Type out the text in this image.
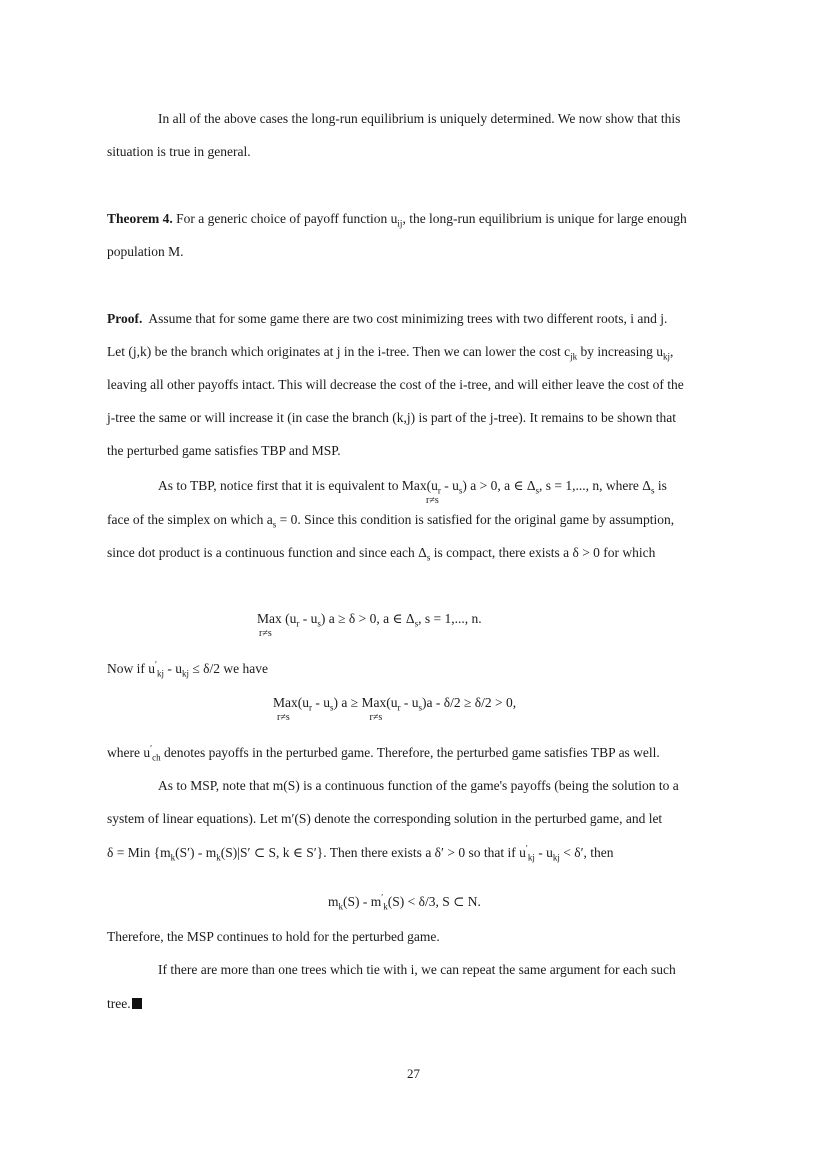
In all of the above cases the long-run equilibrium is uniquely determined. We now show that this
situation is true in general.
Theorem 4. For a generic choice of payoff function $u_{ij}$, the long-run equilibrium is unique for large enough
population M.
Proof. Assume that for some game there are two cost minimizing trees with two different roots, i and j.
Let (j,k) be the branch which originates at j in the i-tree. Then we can lower the cost $c_{jk}$ by increasing $u_{kj}$,
leaving all other payoffs intact. This will decrease the cost of the i-tree, and will either leave the cost of the
j-tree the same or will increase it (in case the branch (k,j) is part of the j-tree). It remains to be shown that
the perturbed game satisfies TBP and MSP.
As to TBP, notice first that it is equivalent to $Max(u_r - u_s$
r≠s
) a > 0, a ∈ $\Delta_s$, s = 1,..., n, where $\Delta_s$ is
face of the simplex on which $a_s = 0$. Since this condition is satisfied for the original game by assumption,
since dot product is a continuous function and since each $\Delta_s$ is compact, there exists a δ > 0 for which
Max (u
r≠s
$_r - u_s$) a ≥ δ > 0, a ∈ $\Delta_s$, s = 1,..., n.
Now if $u'_{kj} - u_{kj} \le \delta/2$ we have
Max(u
r≠s
$_r - u_s$) a ≥ Max(u
r≠s
$_r - u_s)a - \delta/2 \ge \delta/2 > 0$,
where $u'_{ch}$ denotes payoffs in the perturbed game. Therefore, the perturbed game satisfies TBP as well.
As to MSP, note that m(S) is a continuous function of the game's payoffs (being the solution to a
system of linear equations). Let m′(S) denote the corresponding solution in the perturbed game, and let
δ = Min {$m_k(S') - m_k(S)|S'$ ⊂ S, k ∈ S′}. Then there exists a δ′ > 0 so that if $u'_{kj} - u_{kj} < \delta'$, then
$m_k(S) - m'_k(S) < \delta/3$, S ⊂ N.
Therefore, the MSP continues to hold for the perturbed game.
If there are more than one trees which tie with i, we can repeat the same argument for each such
tree.
27
